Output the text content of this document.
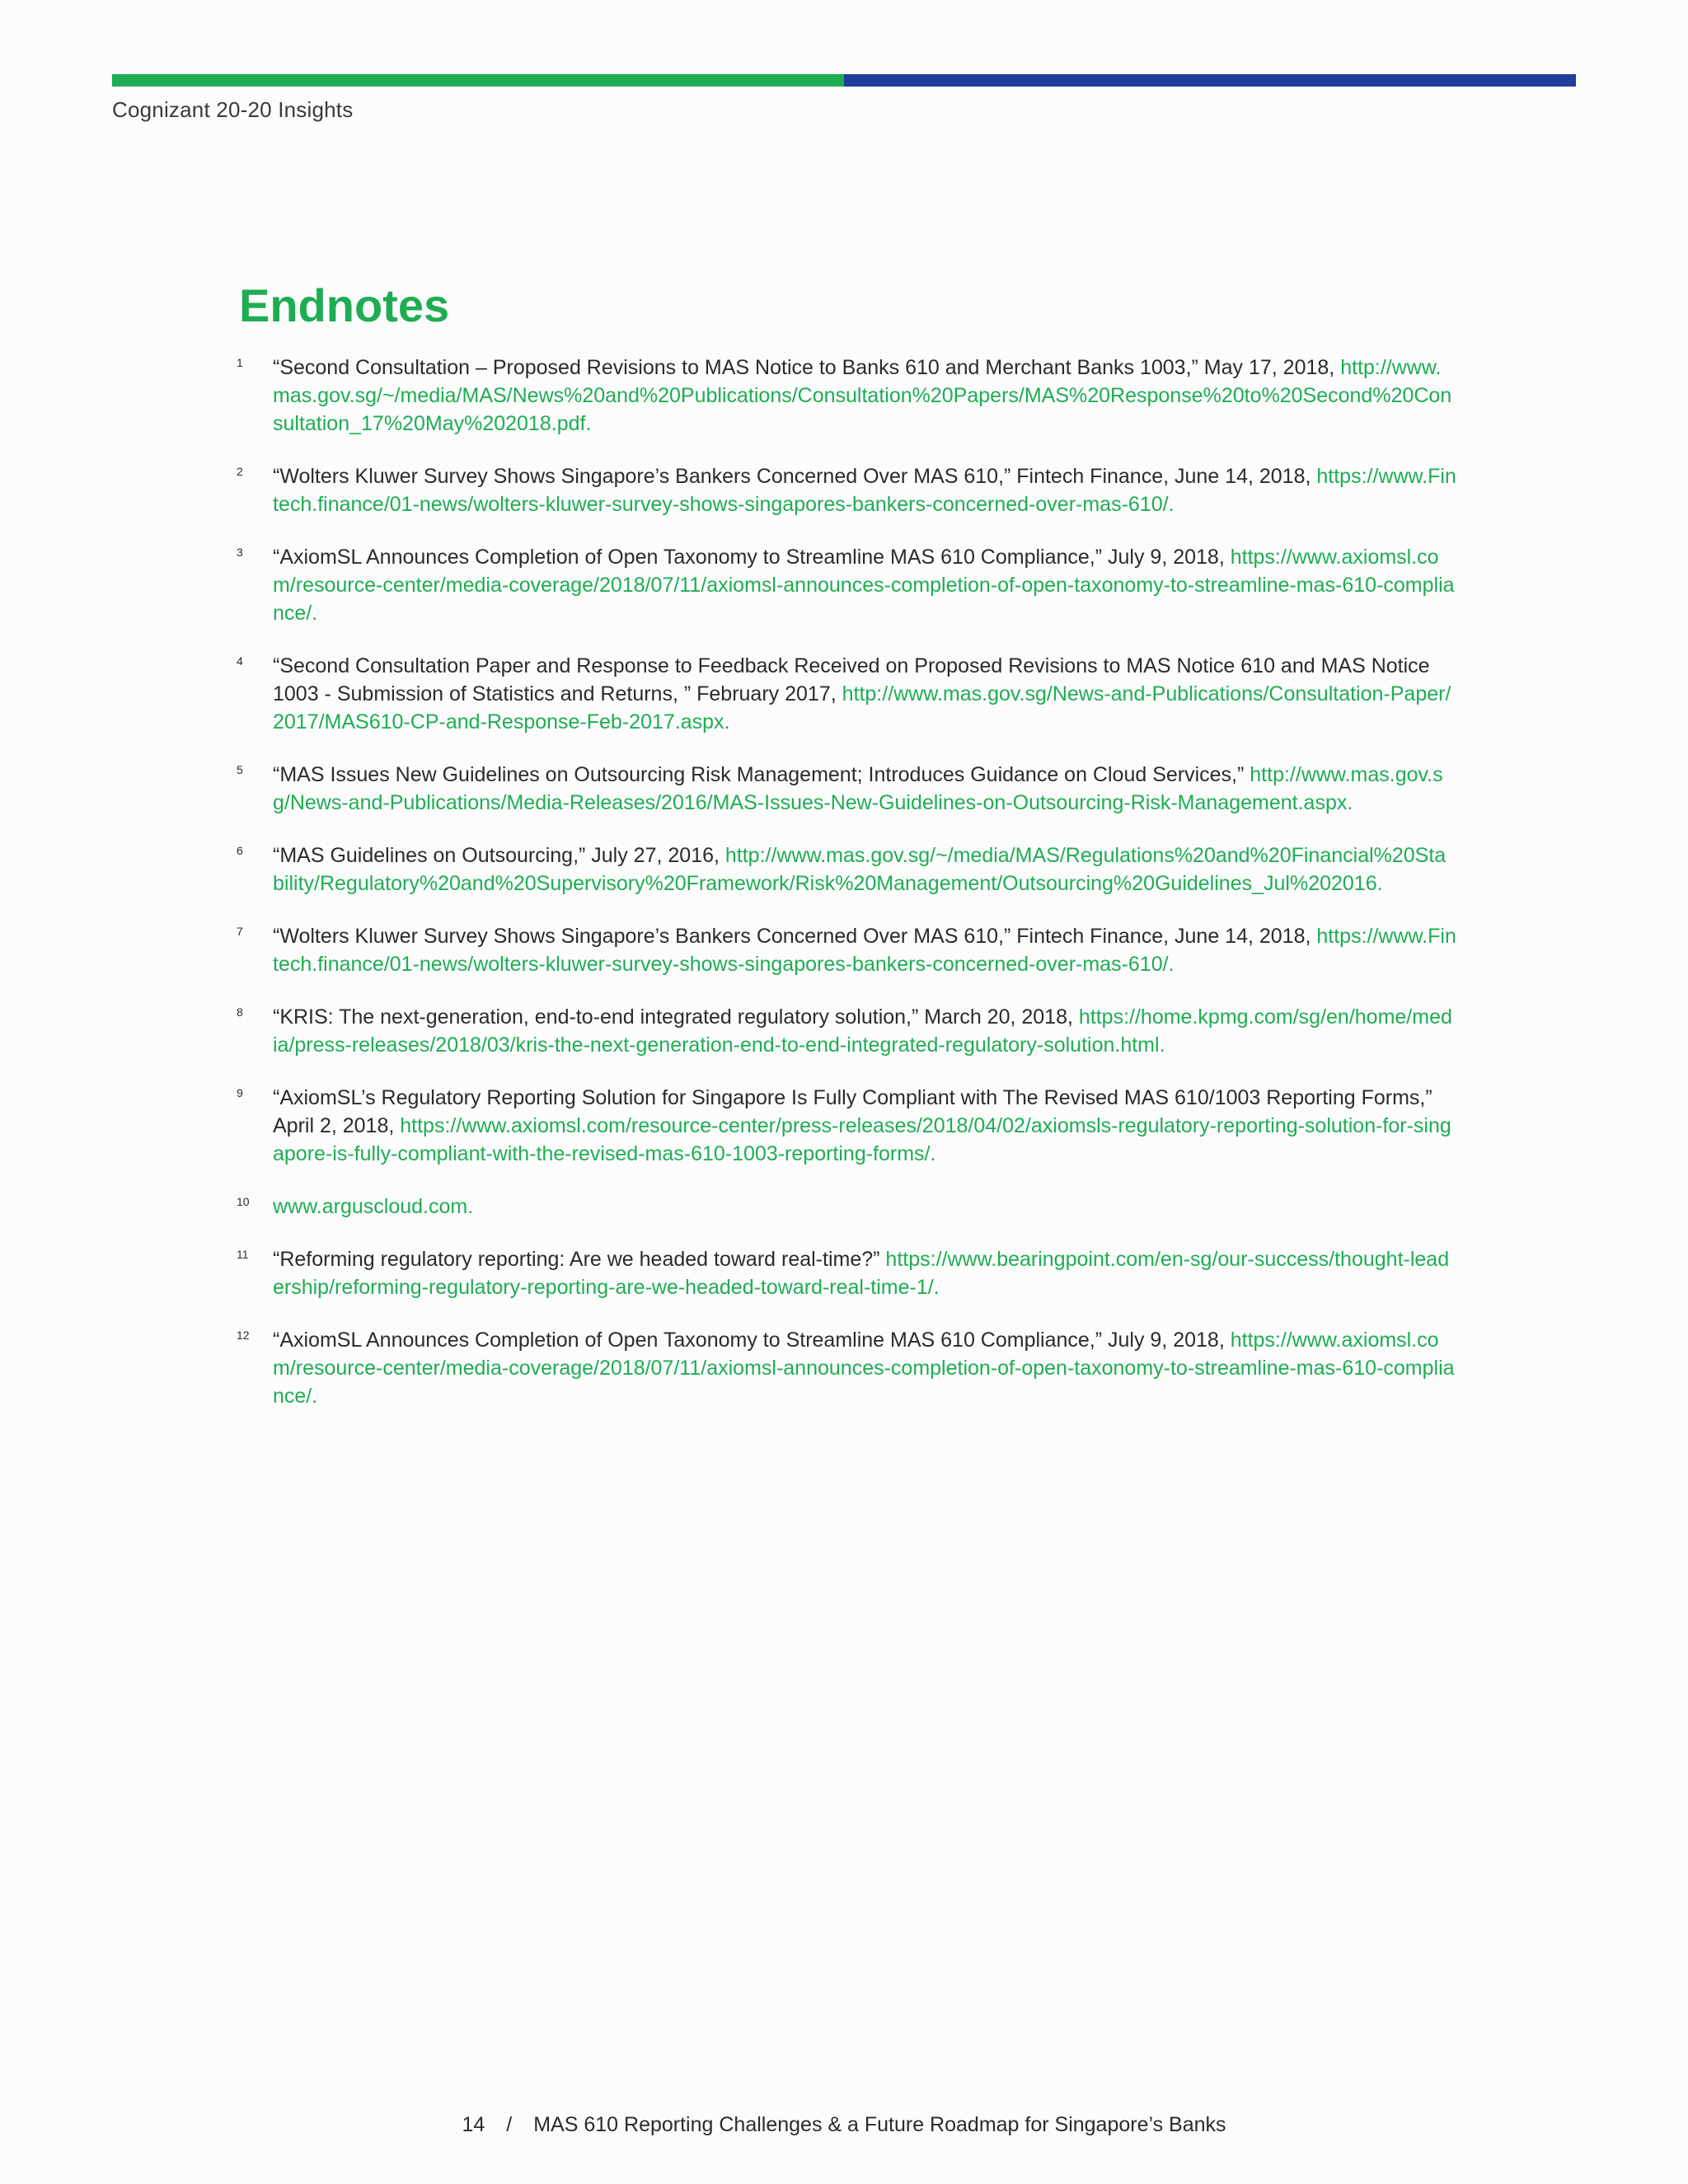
Cognizant 20-20 Insights
Endnotes
1 “Second Consultation – Proposed Revisions to MAS Notice to Banks 610 and Merchant Banks 1003,” May 17, 2018, http://www.mas.gov.sg/~/media/MAS/News%20and%20Publications/Consultation%20Papers/MAS%20Response%20to%20Second%20Consultation_17%20May%202018.pdf.
2 “Wolters Kluwer Survey Shows Singapore’s Bankers Concerned Over MAS 610,” Fintech Finance, June 14, 2018, https://www.Fintech.finance/01-news/wolters-kluwer-survey-shows-singapores-bankers-concerned-over-mas-610/.
3 “AxiomSL Announces Completion of Open Taxonomy to Streamline MAS 610 Compliance,” July 9, 2018, https://www.axiomsl.com/resource-center/media-coverage/2018/07/11/axiomsl-announces-completion-of-open-taxonomy-to-streamline-mas-610-compliance/.
4 “Second Consultation Paper and Response to Feedback Received on Proposed Revisions to MAS Notice 610 and MAS Notice 1003 - Submission of Statistics and Returns, ” February 2017, http://www.mas.gov.sg/News-and-Publications/Consultation-Paper/2017/MAS610-CP-and-Response-Feb-2017.aspx.
5 “MAS Issues New Guidelines on Outsourcing Risk Management; Introduces Guidance on Cloud Services,” http://www.mas.gov.sg/News-and-Publications/Media-Releases/2016/MAS-Issues-New-Guidelines-on-Outsourcing-Risk-Management.aspx.
6 “MAS Guidelines on Outsourcing,” July 27, 2016, http://www.mas.gov.sg/~/media/MAS/Regulations%20and%20Financial%20Stability/Regulatory%20and%20Supervisory%20Framework/Risk%20Management/Outsourcing%20Guidelines_Jul%202016.
7 “Wolters Kluwer Survey Shows Singapore’s Bankers Concerned Over MAS 610,” Fintech Finance, June 14, 2018, https://www.Fintech.finance/01-news/wolters-kluwer-survey-shows-singapores-bankers-concerned-over-mas-610/.
8 “KRIS: The next-generation, end-to-end integrated regulatory solution,” March 20, 2018, https://home.kpmg.com/sg/en/home/media/press-releases/2018/03/kris-the-next-generation-end-to-end-integrated-regulatory-solution.html.
9 “AxiomSL’s Regulatory Reporting Solution for Singapore Is Fully Compliant with The Revised MAS 610/1003 Reporting Forms,” April 2, 2018, https://www.axiomsl.com/resource-center/press-releases/2018/04/02/axiomsls-regulatory-reporting-solution-for-singapore-is-fully-compliant-with-the-revised-mas-610-1003-reporting-forms/.
10 www.arguscloud.com.
11 “Reforming regulatory reporting: Are we headed toward real-time?” https://www.bearingpoint.com/en-sg/our-success/thought-leadership/reforming-regulatory-reporting-are-we-headed-toward-real-time-1/.
12 “AxiomSL Announces Completion of Open Taxonomy to Streamline MAS 610 Compliance,” July 9, 2018, https://www.axiomsl.com/resource-center/media-coverage/2018/07/11/axiomsl-announces-completion-of-open-taxonomy-to-streamline-mas-610-compliance/.
14 / MAS 610 Reporting Challenges & a Future Roadmap for Singapore’s Banks
